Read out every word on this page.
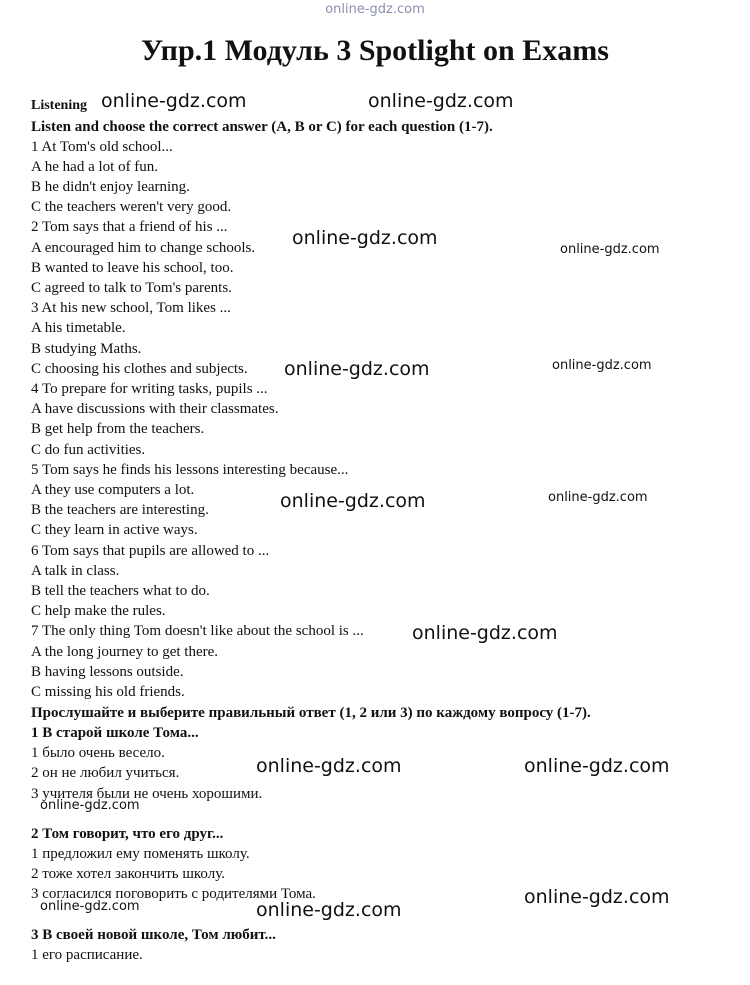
online-gdz.com
Упр.1 Модуль 3 Spotlight on Exams
Listening
Listen and choose the correct answer (A, B or C) for each question (1-7).
1 At Tom's old school...
A he had a lot of fun.
B he didn't enjoy learning.
C the teachers weren't very good.
2 Tom says that a friend of his ...
A encouraged him to change schools.
B wanted to leave his school, too.
C agreed to talk to Tom's parents.
3 At his new school, Tom likes ...
A his timetable.
B studying Maths.
C choosing his clothes and subjects.
4 To prepare for writing tasks, pupils ...
A have discussions with their classmates.
B get help from the teachers.
C do fun activities.
5 Tom says he finds his lessons interesting because...
A they use computers a lot.
B the teachers are interesting.
C they learn in active ways.
6 Tom says that pupils are allowed to ...
A talk in class.
B tell the teachers what to do.
C help make the rules.
7 The only thing Tom doesn't like about the school is ...
A the long journey to get there.
B having lessons outside.
C missing his old friends.
Прослушайте и выберите правильный ответ (1, 2 или 3) по каждому вопросу (1-7).
1 В старой школе Тома...
1 было очень весело.
2 он не любил учиться.
3 учителя были не очень хорошими.
2 Том говорит, что его друг...
1 предложил ему поменять школу.
2 тоже хотел закончить школу.
3 согласился поговорить с родителями Тома.
3 В своей новой школе, Том любит...
1 его расписание.
online-gdz.com	online-gdz.com
online-gdz.com
online-gdz.com
online-gdz.com	online-gdz.com
online-gdz.com	online-gdz.com
online-gdz.com
online-gdz.com	online-gdz.com
online-gdz.com
online-gdz.com
online-gdz.com	online-gdz.com
